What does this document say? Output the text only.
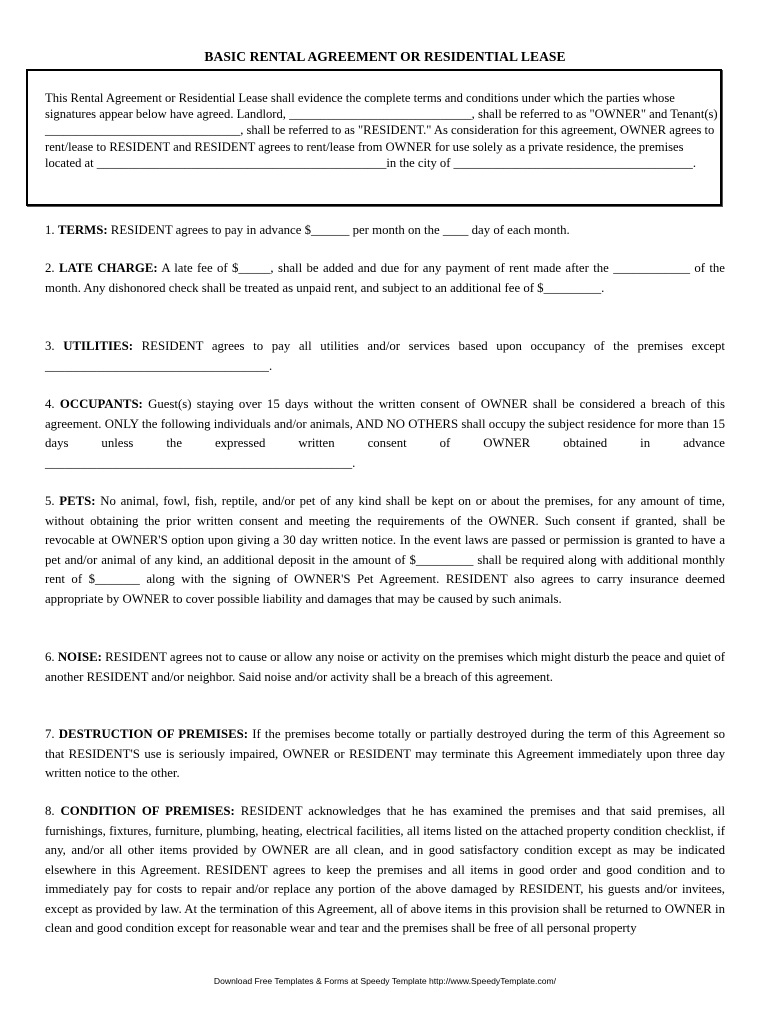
BASIC RENTAL AGREEMENT OR RESIDENTIAL LEASE
This Rental Agreement or Residential Lease shall evidence the complete terms and conditions under which the parties whose signatures appear below have agreed. Landlord, _____________________________, shall be referred to as "OWNER" and Tenant(s) _______________________________, shall be referred to as "RESIDENT." As consideration for this agreement, OWNER agrees to rent/lease to RESIDENT and RESIDENT agrees to rent/lease from OWNER for use solely as a private residence, the premises located at ______________________________________________in the city of ______________________________________.
1. TERMS: RESIDENT agrees to pay in advance $______ per month on the ____ day of each month.
2. LATE CHARGE: A late fee of $_____, shall be added and due for any payment of rent made after the ____________ of the month. Any dishonored check shall be treated as unpaid rent, and subject to an additional fee of $_________.
3. UTILITIES: RESIDENT agrees to pay all utilities and/or services based upon occupancy of the premises except ___________________________________.
4. OCCUPANTS: Guest(s) staying over 15 days without the written consent of OWNER shall be considered a breach of this agreement. ONLY the following individuals and/or animals, AND NO OTHERS shall occupy the subject residence for more than 15 days unless the expressed written consent of OWNER obtained in advance ________________________________________________.
5. PETS: No animal, fowl, fish, reptile, and/or pet of any kind shall be kept on or about the premises, for any amount of time, without obtaining the prior written consent and meeting the requirements of the OWNER. Such consent if granted, shall be revocable at OWNER'S option upon giving a 30 day written notice. In the event laws are passed or permission is granted to have a pet and/or animal of any kind, an additional deposit in the amount of $_________ shall be required along with additional monthly rent of $_______ along with the signing of OWNER'S Pet Agreement. RESIDENT also agrees to carry insurance deemed appropriate by OWNER to cover possible liability and damages that may be caused by such animals.
6. NOISE: RESIDENT agrees not to cause or allow any noise or activity on the premises which might disturb the peace and quiet of another RESIDENT and/or neighbor. Said noise and/or activity shall be a breach of this agreement.
7. DESTRUCTION OF PREMISES: If the premises become totally or partially destroyed during the term of this Agreement so that RESIDENT'S use is seriously impaired, OWNER or RESIDENT may terminate this Agreement immediately upon three day written notice to the other.
8. CONDITION OF PREMISES: RESIDENT acknowledges that he has examined the premises and that said premises, all furnishings, fixtures, furniture, plumbing, heating, electrical facilities, all items listed on the attached property condition checklist, if any, and/or all other items provided by OWNER are all clean, and in good satisfactory condition except as may be indicated elsewhere in this Agreement. RESIDENT agrees to keep the premises and all items in good order and good condition and to immediately pay for costs to repair and/or replace any portion of the above damaged by RESIDENT, his guests and/or invitees, except as provided by law. At the termination of this Agreement, all of above items in this provision shall be returned to OWNER in clean and good condition except for reasonable wear and tear and the premises shall be free of all personal property
Download Free Templates & Forms at Speedy Template http://www.SpeedyTemplate.com/
